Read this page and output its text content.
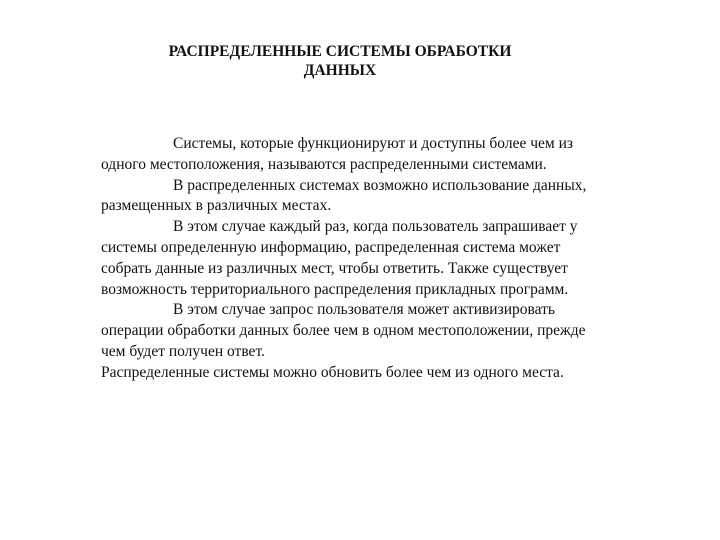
РАСПРЕДЕЛЕННЫЕ СИСТЕМЫ ОБРАБОТКИ
ДАННЫХ

Системы, которые функционируют и доступны более чем из одного местоположения, называются распределенными системами.

В распределенных системах возможно использование данных, размещенных в различных местах.

В этом случае каждый раз, когда пользователь запрашивает у системы определенную информацию, распределенная система может собрать данные из различных мест, чтобы ответить. Также существует возможность территориального распределения прикладных программ.

В этом случае запрос пользователя может активизировать операции обработки данных более чем в одном местоположении, прежде чем будет получен ответ.

Распределенные системы можно обновить более чем из одного места.
